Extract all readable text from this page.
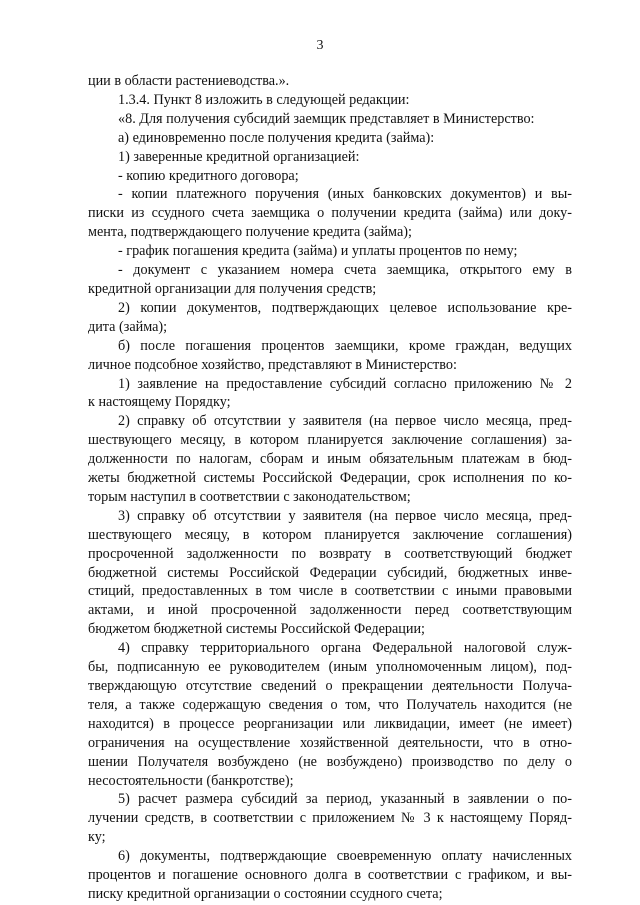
3
ции в области растениеводства.».
1.3.4. Пункт 8 изложить в следующей редакции:
«8. Для получения субсидий заемщик представляет в Министерство:
а) единовременно после получения кредита (займа):
1) заверенные кредитной организацией:
- копию кредитного договора;
- копии платежного поручения (иных банковских документов) и вы-
писки из ссудного счета заемщика о получении кредита (займа) или доку-
мента, подтверждающего получение кредита (займа);
- график погашения кредита (займа) и уплаты процентов по нему;
- документ с указанием номера счета заемщика, открытого ему в
кредитной организации для получения средств;
2) копии документов, подтверждающих целевое использование кре-
дита (займа);
б) после погашения процентов заемщики, кроме граждан, ведущих
личное подсобное хозяйство, представляют в Министерство:
1) заявление на предоставление субсидий согласно приложению № 2
к настоящему Порядку;
2) справку об отсутствии у заявителя (на первое число месяца, пред-
шествующего месяцу, в котором планируется заключение соглашения) за-
долженности по налогам, сборам и иным обязательным платежам в бюд-
жеты бюджетной системы Российской Федерации, срок исполнения по ко-
торым наступил в соответствии с законодательством;
3) справку об отсутствии у заявителя (на первое число месяца, пред-
шествующего месяцу, в котором планируется заключение соглашения)
просроченной задолженности по возврату в соответствующий бюджет
бюджетной системы Российской Федерации субсидий, бюджетных инве-
стиций, предоставленных в том числе в соответствии с иными правовыми
актами, и иной просроченной задолженности перед соответствующим
бюджетом бюджетной системы Российской Федерации;
4) справку территориального органа Федеральной налоговой служ-
бы, подписанную ее руководителем (иным уполномоченным лицом), под-
тверждающую отсутствие сведений о прекращении деятельности Получа-
теля, а также содержащую сведения о том, что Получатель находится (не
находится) в процессе реорганизации или ликвидации, имеет (не имеет)
ограничения на осуществление хозяйственной деятельности, что в отно-
шении Получателя возбуждено (не возбуждено) производство по делу о
несостоятельности (банкротстве);
5) расчет размера субсидий за период, указанный в заявлении о по-
лучении средств, в соответствии с приложением № 3 к настоящему Поряд-
ку;
6) документы, подтверждающие своевременную оплату начисленных
процентов и погашение основного долга в соответствии с графиком, и вы-
писку кредитной организации о состоянии ссудного счета;
